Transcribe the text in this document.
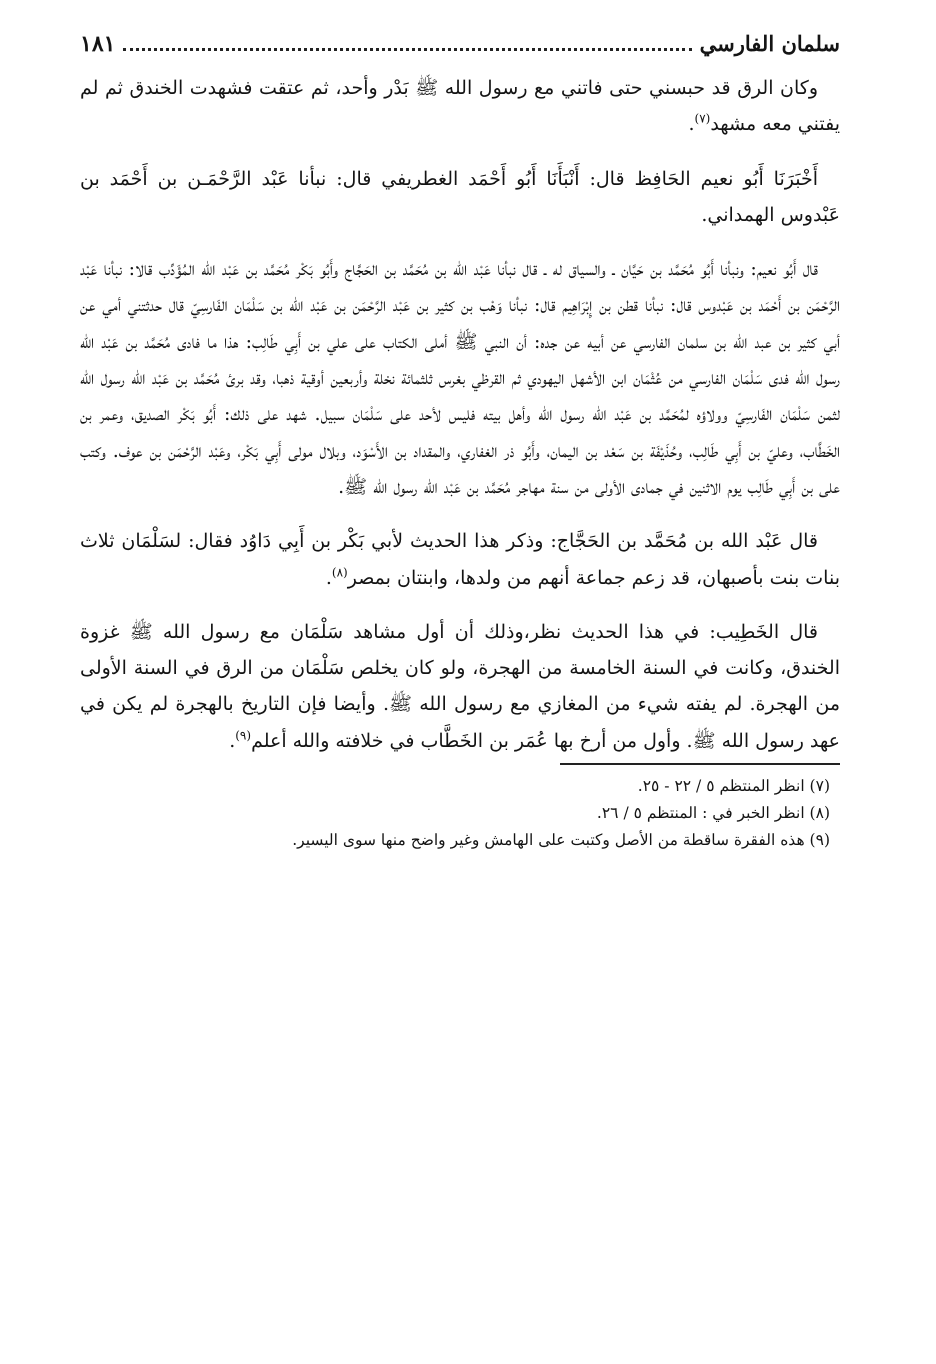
سلمان الفارسي
١٨١

وكان الرق قد حبسني حتى فاتني مع رسول الله ﷺ بَدْر وأحد، ثم عتقت فشهدت الخندق ثم لم يفتني معه مشهد$^{(٧)}$.

أَخْبَرَنَا أَبُو نعيم الحَافِظ قال: أَنْبَأَنَا أَبُو أَحْمَد الغطريفي قال: نبأنا عَبْد الرَّحْمَـن بن أَحْمَد بن عَبْدوس الهمداني.

قال أَبُو نعيم: ونبأنا أَبُو مُحَمَّد بن حَيَّان ـ والسياق له ـ قال نبأنا عَبْد الله بن مُحَمَّد بن الحَجَّاج وأَبُو بَكْر مُحَمَّد بن عَبْد الله المُؤَدِّب قالا: نبأنا عَبْد الرَّحْمَن بن أَحْمَد بن عَبْدوس قال: نبأنا قطن بن إِبْرَاهِيم قال: نبأنا وَهْب بن كثير بن عَبْد الرَّحْمَن بن عَبْد الله بن سَلْمَان الفَارسِيّ قال حدثتني أمي عن أبي كثير بن عبد الله بن سلمان الفارسي عن أبيه عن جده: أن النبي ﷺ أملى الكتاب على علي بن أَبِي طَالِب: هذا ما فادى مُحَمَّد بن عَبْد الله رسول الله فدى سَلْمَان الفارسي من عُثْمَان ابن الأشهل اليهودي ثم القرظي بغرس ثلثمائة نخلة وأربعين أوقية ذهبا، وقد برئ مُحَمَّد بن عَبْد الله رسول الله لثمن سَلْمَان الفَارسِيّ وولاؤه لمُحَمَّد بن عَبْد الله رسول الله وأهل بيته فليس لأحد على سَلْمَان سبيل. شهد على ذلك: أَبُو بَكْر الصديق، وعمر بن الخَطَّاب، وعليّ بن أَبِي طَالِب، وحُذَيْفَة بن سَعْد بن اليمان، وأَبُو ذر الغفاري، والمقداد بن الأَسْوَد، وبلال مولى أَبِي بَكْر، وعَبْد الرَّحْمَن بن عوف. وكتب على بن أَبِي طَالِب يوم الاثنين في جمادى الأولى من سنة مهاجر مُحَمَّد بن عَبْد الله رسول الله ﷺ.

قال عَبْد الله بن مُحَمَّد بن الحَجَّاج: وذكر هذا الحديث لأبي بَكْر بن أَبِي دَاوُد فقال: لسَلْمَان ثلاث بنات بنت بأصبهان، قد زعم جماعة أنهم من ولدها، وابنتان بمصر$^{(٨)}$.

قال الخَطِيب: في هذا الحديث نظر،وذلك أن أول مشاهد سَلْمَان مع رسول الله ﷺ غزوة الخندق، وكانت في السنة الخامسة من الهجرة، ولو كان يخلص سَلْمَان من الرق في السنة الأولى من الهجرة. لم يفته شيء من المغازي مع رسول الله ﷺ. وأيضا فإن التاريخ بالهجرة لم يكن في عهد رسول الله ﷺ. وأول من أرخ بها عُمَر بن الخَطَّاب في خلافته والله أعلم$^{(٩)}$.

(٧) انظر المنتظم ٥ / ٢٢ - ٢٥.

(٨) انظر الخبر في : المنتظم ٥ / ٢٦.

(٩) هذه الفقرة ساقطة من الأصل وكتبت على الهامش وغير واضح منها سوى اليسير.
